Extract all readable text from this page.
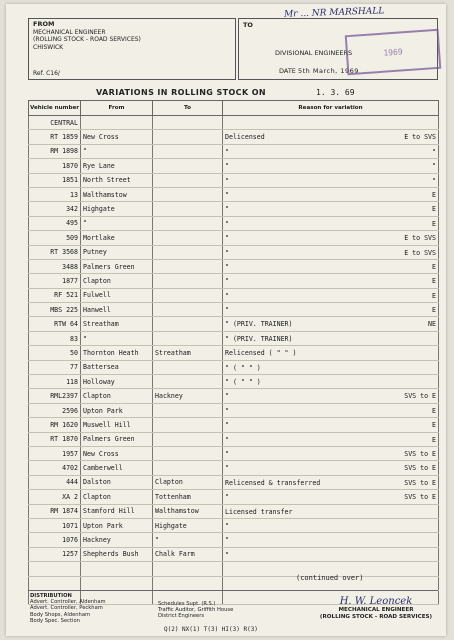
FROM
MECHANICAL ENGINEER
(ROLLING STOCK - ROAD SERVICES)
CHISWICK
Ref. C16/
TO
DIVISIONAL ENGINEERS
DATE 5th March, 1969
Mr ... NR MARSHALL
1969
VARIATIONS IN ROLLING STOCK ON	1. 3. 69
Vehicle number	From	To	Reason for variation
CENTRAL			

RT 1859	New Cross		Delicensed E to SVS

RM 1898	"		" "

1870	Rye Lane		" "

1851	North Street		" "

13	Walthamstow		" E

342	Highgate		" E

495	"		" E

509	Mortlake		" E to SVS

RT 3568	Putney		" E to SVS

3488	Palmers Green		" E

1877	Clapton		" E

RF 521	Fulwell		" E

MBS 225	Hanwell		" E

RTW 64	Streatham		" (PRIV. TRAINER) NE

83	"		" (PRIV. TRAINER)

50	Thornton Heath	Streatham	Relicensed ( " " )

77	Battersea		" ( " " )

118	Holloway		" ( " " )

RML2397	Clapton	Hackney	" SVS to E

2596	Upton Park		" E

RM 1620	Muswell Hill		" E

RT 1870	Palmers Green		" E

1957	New Cross		" SVS to E

4702	Camberwell		" SVS to E

444	Dalston	Clapton	Relicensed & transferred SVS to E

XA 2	Clapton	Tottenham	" SVS to E

RM 1874	Stamford Hill	Walthamstow	Licensed transfer

1071	Upton Park	Highgate	"

1076	Hackney	"	"

1257	Shepherds Bush	Chalk Farm	"

(continued over)
DISTRIBUTION
Advert. Controller, Aldenham
Advert. Controller, Peckham
Body Shops, Aldenham
Body Spec. Section
Schedules Supt. (R.S.)
Traffic Auditor, Griffith House
District Engineers
Q(2) NX(1) T(3) HI(3) R(3)
H. W. Leoncek
MECHANICAL ENGINEER
(ROLLING STOCK - ROAD SERVICES)
